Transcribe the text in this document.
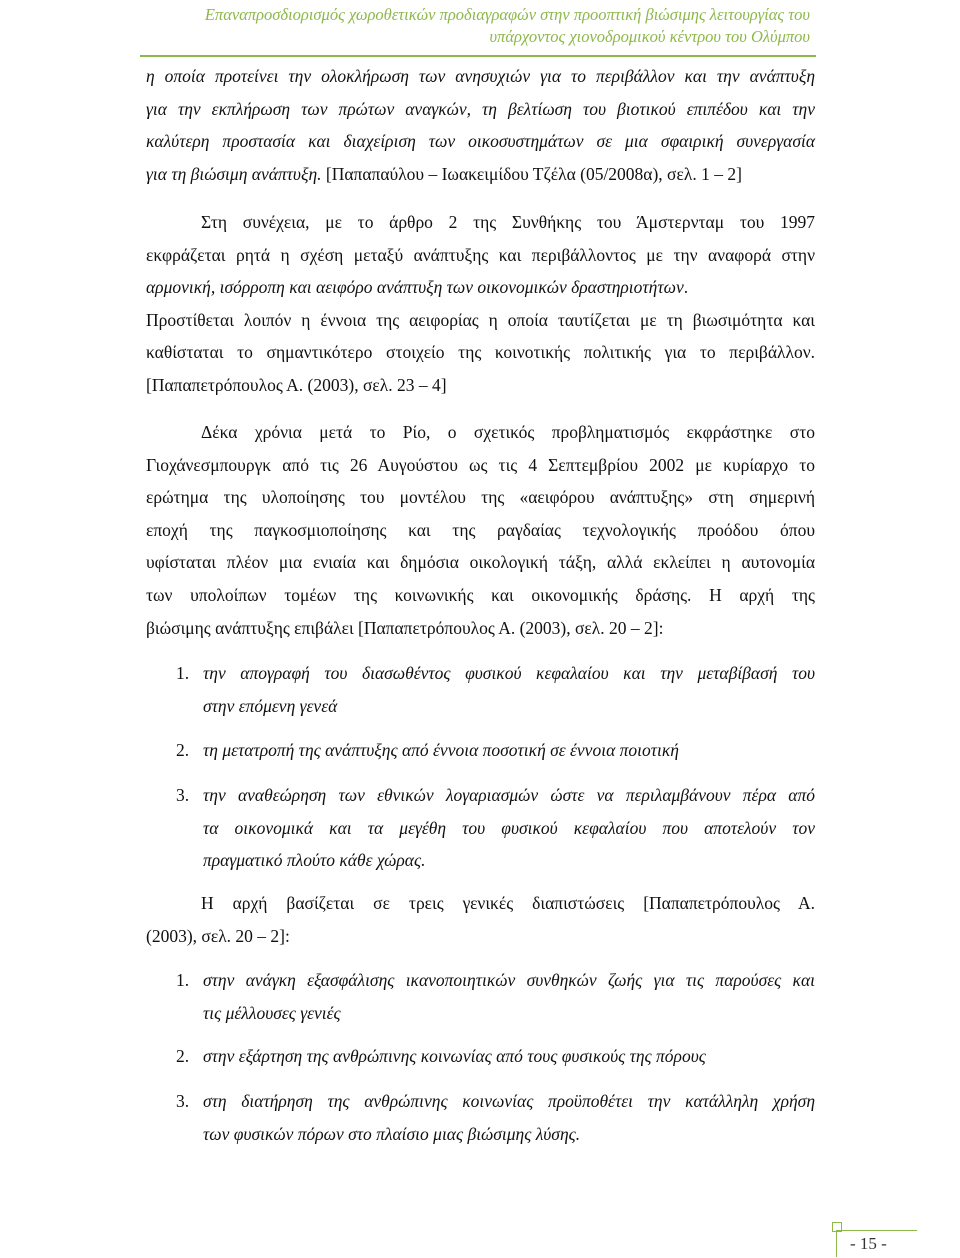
Επαναπροσδιορισμός χωροθετικών προδιαγραφών στην προοπτική βιώσιμης λειτουργίας του
υπάρχοντος χιονοδρομικού κέντρου του Ολύμπου
η οποία προτείνει την ολοκλήρωση των ανησυχιών για το περιβάλλον και την ανάπτυξη
για την εκπλήρωση των πρώτων αναγκών, τη βελτίωση του βιοτικού επιπέδου και την
καλύτερη προστασία και διαχείριση των οικοσυστημάτων σε μια σφαιρική συνεργασία
για τη βιώσιμη ανάπτυξη. [Παπαπαύλου – Ιωακειμίδου Τζέλα (05/2008α), σελ. 1 – 2]
Στη συνέχεια, με το άρθρο 2 της Συνθήκης του Άμστερνταμ του 1997
εκφράζεται ρητά η σχέση μεταξύ ανάπτυξης και περιβάλλοντος με την αναφορά στην
αρμονική, ισόρροπη και αειφόρο ανάπτυξη των οικονομικών δραστηριοτήτων.
Προστίθεται λοιπόν η έννοια της αειφορίας η οποία ταυτίζεται με τη βιωσιμότητα και
καθίσταται το σημαντικότερο στοιχείο της κοινοτικής πολιτικής για το περιβάλλον.
[Παπαπετρόπουλος Α. (2003), σελ. 23 – 4]
Δέκα χρόνια μετά το Ρίο, ο σχετικός προβληματισμός εκφράστηκε στο
Γιοχάνεσμπουργκ από τις 26 Αυγούστου ως τις 4 Σεπτεμβρίου 2002 με κυρίαρχο το
ερώτημα της υλοποίησης του μοντέλου της «αειφόρου ανάπτυξης» στη σημερινή
εποχή της παγκοσμιοποίησης και της ραγδαίας τεχνολογικής προόδου όπου
υφίσταται πλέον μια ενιαία και δημόσια οικολογική τάξη, αλλά εκλείπει η αυτονομία
των υπολοίπων τομέων της κοινωνικής και οικονομικής δράσης. Η αρχή της
βιώσιμης ανάπτυξης επιβάλει [Παπαπετρόπουλος Α. (2003), σελ. 20 – 2]:
1. την απογραφή του διασωθέντος φυσικού κεφαλαίου και την μεταβίβασή του
στην επόμενη γενεά
2. τη μετατροπή της ανάπτυξης από έννοια ποσοτική σε έννοια ποιοτική
3. την αναθεώρηση των εθνικών λογαριασμών ώστε να περιλαμβάνουν πέρα από
τα οικονομικά και τα μεγέθη του φυσικού κεφαλαίου που αποτελούν τον
πραγματικό πλούτο κάθε χώρας.
Η αρχή βασίζεται σε τρεις γενικές διαπιστώσεις [Παπαπετρόπουλος Α.
(2003), σελ. 20 – 2]:
1. στην ανάγκη εξασφάλισης ικανοποιητικών συνθηκών ζωής για τις παρούσες και
τις μέλλουσες γενιές
2. στην εξάρτηση της ανθρώπινης κοινωνίας από τους φυσικούς της πόρους
3. στη διατήρηση της ανθρώπινης κοινωνίας προϋποθέτει την κατάλληλη χρήση
των φυσικών πόρων στο πλαίσιο μιας βιώσιμης λύσης.
- 15 -
